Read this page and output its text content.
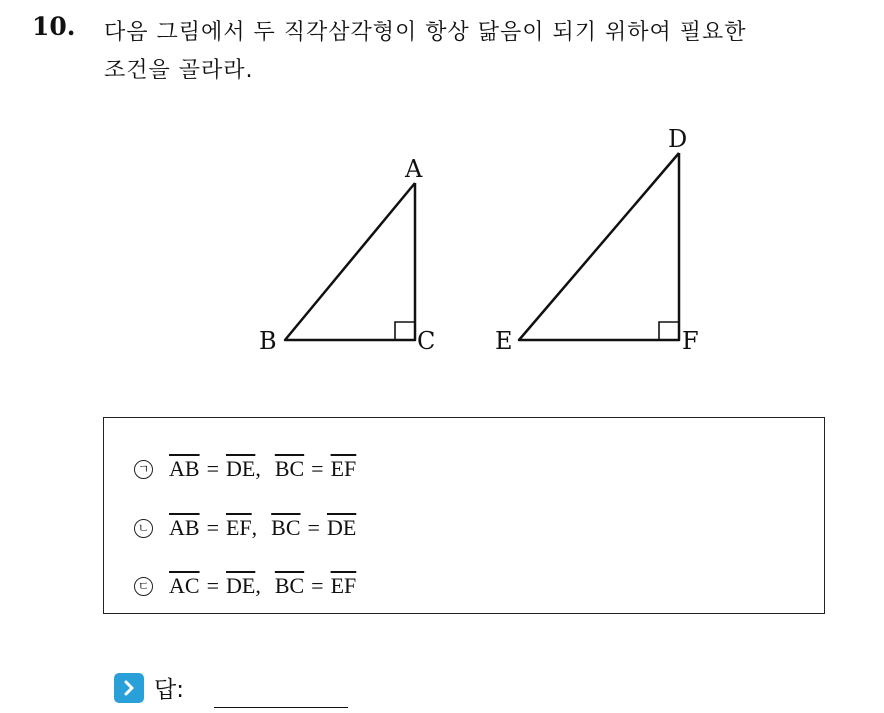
10. 다음 그림에서 두 직각삼각형이 항상 닮음이 되기 위하여 필요한
조건을 골라라.
A
B	C
D
E	F
ㄱ $\overline{AB} = \overline{DE}$ , $\overline{BC} = \overline{EF}$
ㄴ $\overline{AB} = \overline{EF}$ , $\overline{BC} = \overline{DE}$
ㄷ $\overline{AC} = \overline{DE}$ , $\overline{BC} = \overline{EF}$
답:
